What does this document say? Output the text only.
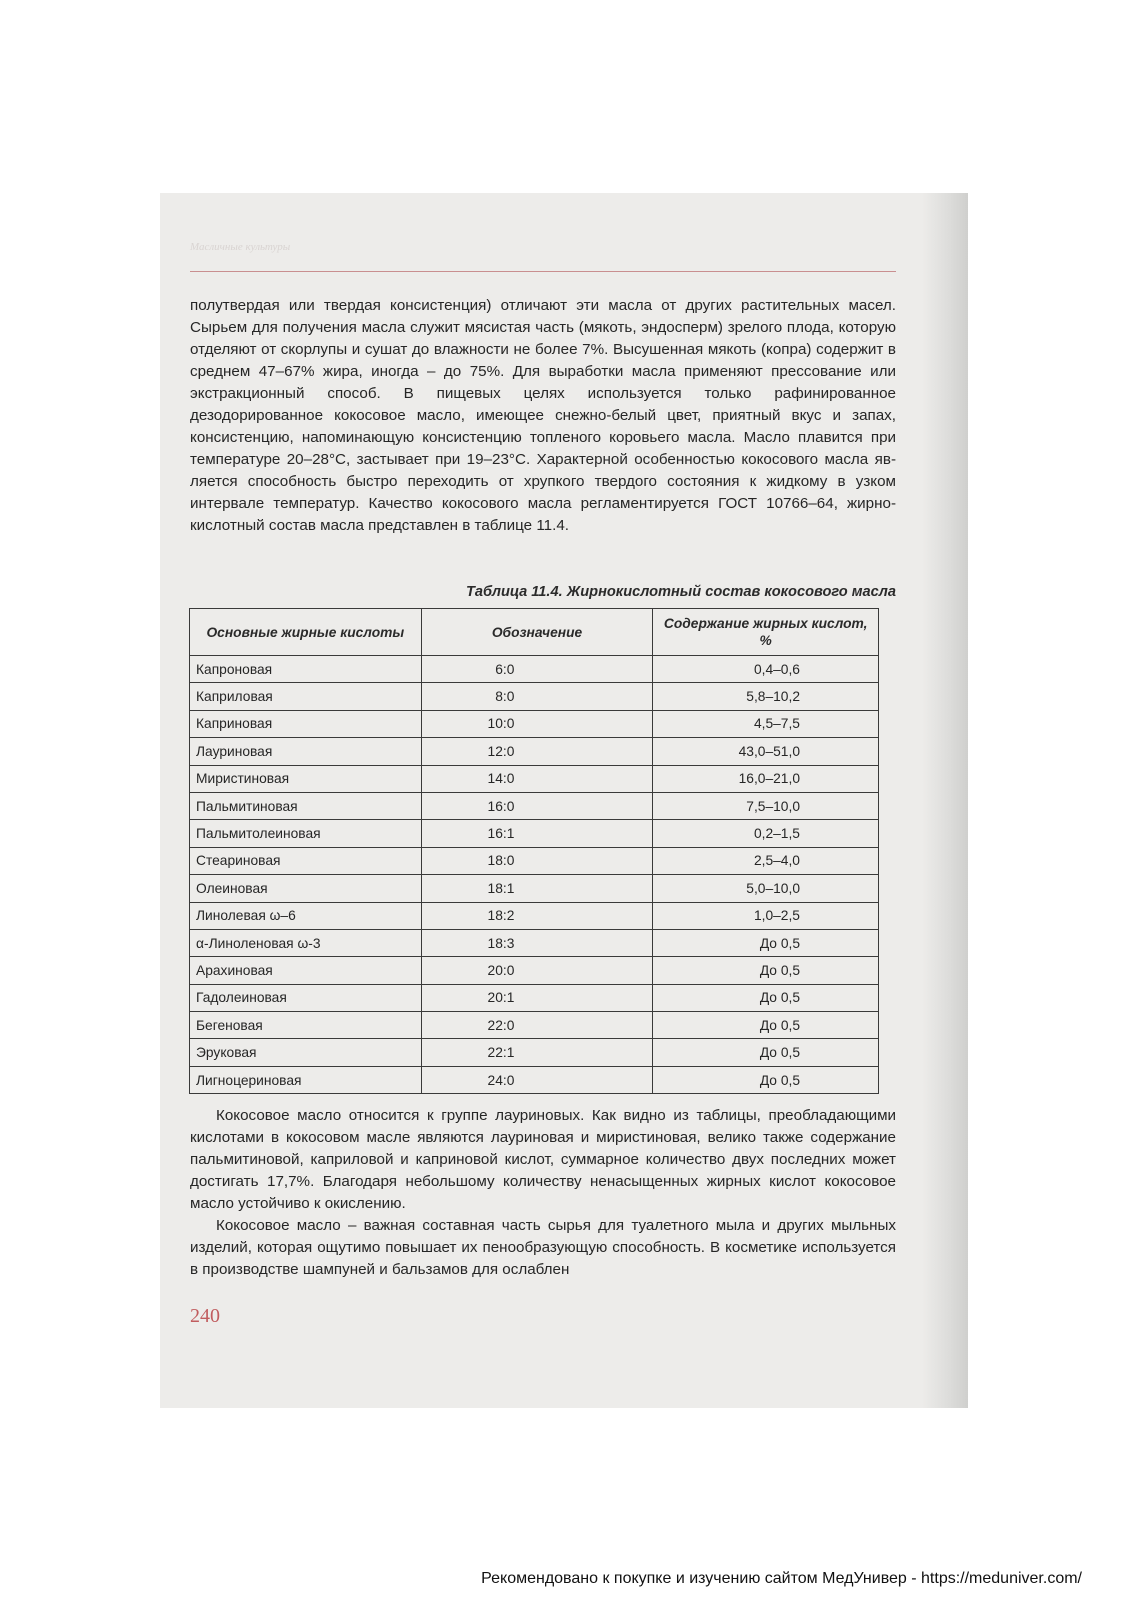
Масличные культуры

полутвердая или твердая консистенция) отличают эти масла от других растительных масел. Сырьем для получения масла служит мясистая часть (мякоть, эндосперм) зрелого плода, которую отделяют от скорлупы и сушат до влажности не более 7%. Высушенная мякоть (копра) содержит в среднем 47–67% жира, иногда – до 75%. Для выработки масла применяют прессование или экстракционный способ. В пищевых целях используется только рафинированное дезодорированное кокосовое масло, имеющее снежно-белый цвет, приятный вкус и запах, консистенцию, напоминающую консистенцию топленого коровьего масла. Масло плавится при температуре 20–28°С, застывает при 19–23°С. Характерной особенностью кокосового масла является способность быстро переходить от хрупкого твердого состояния к жидкому в узком интервале температур. Качество кокосового масла регламентируется ГОСТ 10766–64, жирно-кислотный состав масла представлен в таблице 11.4.

Таблица 11.4. Жирнокислотный состав кокосового масла
Основные жирные кислоты	Обозначение	Содержание жирных кислот, %
Капроновая	6:0	0,4–0,6
Каприловая	8:0	5,8–10,2
Каприновая	10:0	4,5–7,5
Лауриновая	12:0	43,0–51,0
Миристиновая	14:0	16,0–21,0
Пальмитиновая	16:0	7,5–10,0
Пальмитолеиновая	16:1	0,2–1,5
Стеариновая	18:0	2,5–4,0
Олеиновая	18:1	5,0–10,0
Линолевая ω–6	18:2	1,0–2,5
α-Линоленовая ω-3	18:3	До 0,5
Арахиновая	20:0	До 0,5
Гадолеиновая	20:1	До 0,5
Бегеновая	22:0	До 0,5
Эруковая	22:1	До 0,5
Лигноцериновая	24:0	До 0,5

Кокосовое масло относится к группе лауриновых. Как видно из таблицы, преобладающими кислотами в кокосовом масле являются лауриновая и миристиновая, велико также содержание пальмитиновой, каприловой и каприновой кислот, суммарное количество двух последних может достигать 17,7%. Благодаря небольшому количеству ненасыщенных жирных кислот кокосовое масло устойчиво к окислению.

Кокосовое масло – важная составная часть сырья для туалетного мыла и других мыльных изделий, которая ощутимо повышает их пенообразующую способность. В косметике используется в производстве шампуней и бальзамов для ослаблен

240
Рекомендовано к покупке и изучению сайтом МедУнивер - https://meduniver.com/
